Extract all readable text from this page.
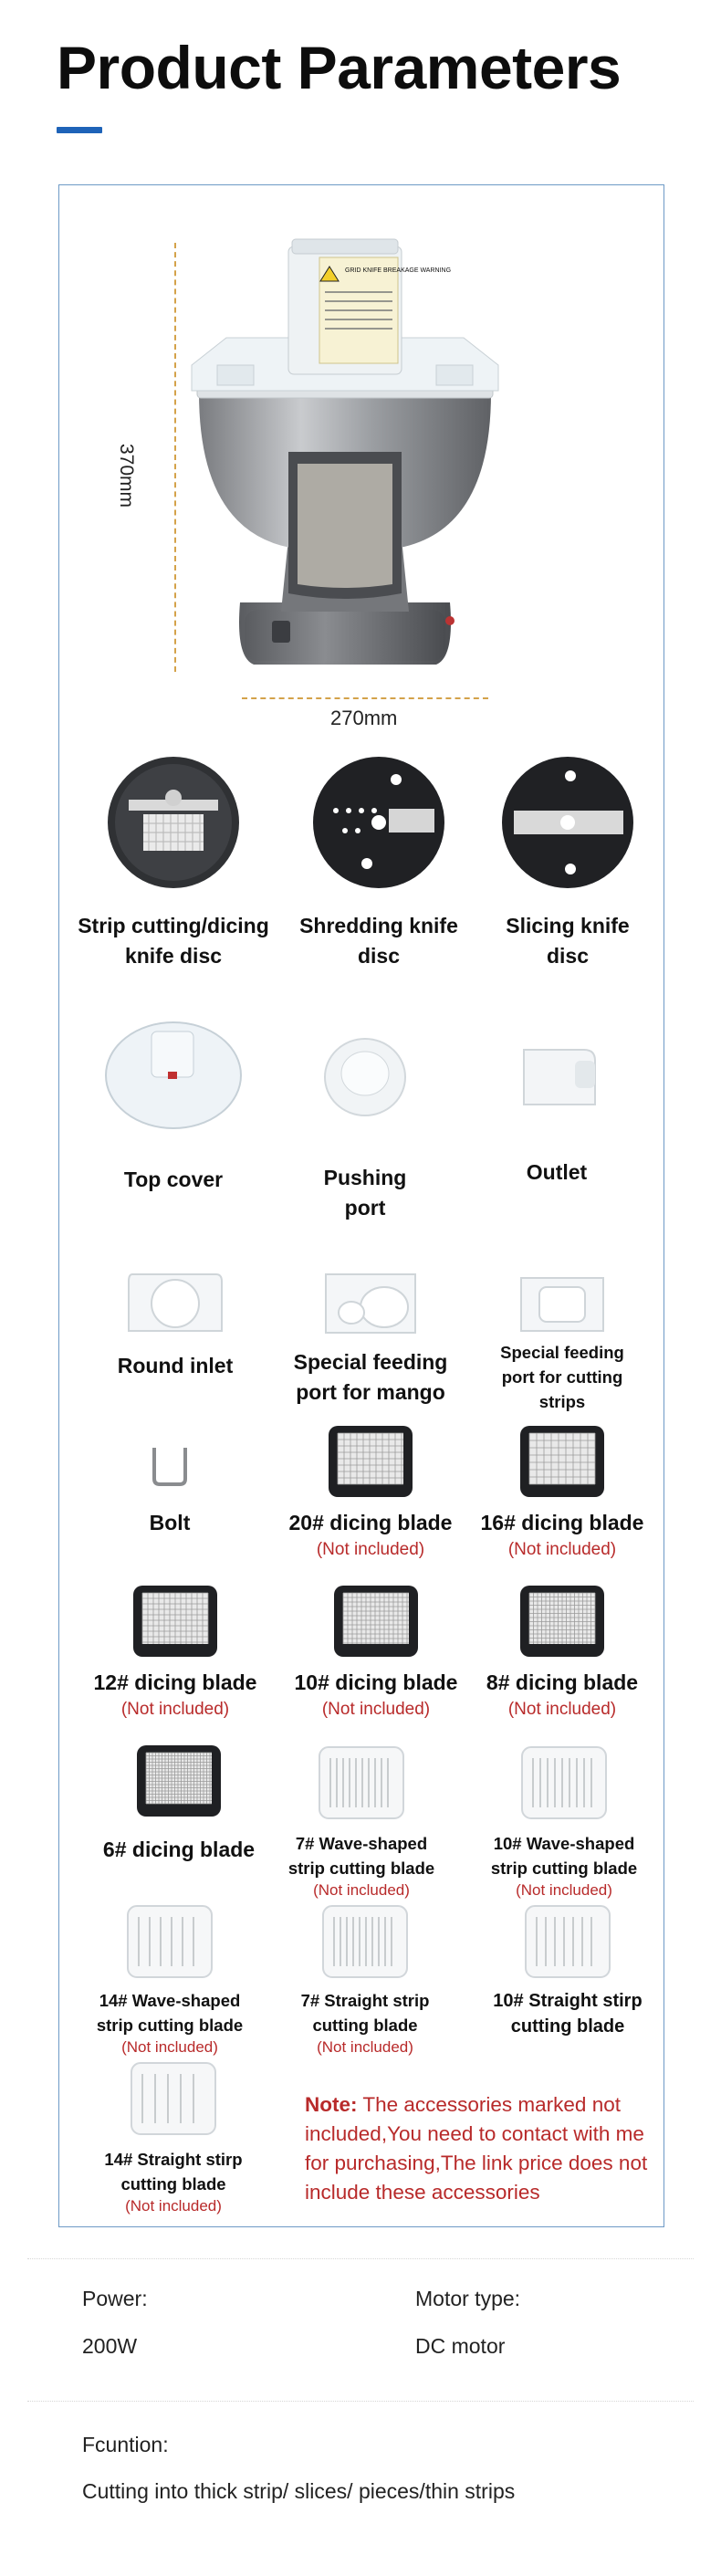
Product Parameters
370mm
270mm
GRID KNIFE BREAKAGE WARNING
Strip cutting/dicing
knife disc
Shredding knife
disc
Slicing knife
disc
Top cover	Pushing
port
Outlet
Round inlet	Special feeding
port for mango
Special feeding
port for cutting
strips
Bolt	20# dicing blade
(Not included)
16# dicing blade
(Not included)
12# dicing blade
(Not included)
10# dicing blade
(Not included)
8# dicing blade
(Not included)
6# dicing blade	7# Wave-shaped
strip cutting blade
(Not included)
10# Wave-shaped
strip cutting blade
(Not included)
14# Wave-shaped
strip cutting blade
(Not included)
7# Straight strip
cutting blade
(Not included)
10# Straight stirp
cutting blade
14# Straight stirp
cutting blade
(Not included)
Note: The accessories marked not included,You need to contact with me for purchasing,The link price does not include these accessories
Power:
200W
Motor type:
DC motor
Fcuntion:
Cutting into thick strip/ slices/ pieces/thin strips
